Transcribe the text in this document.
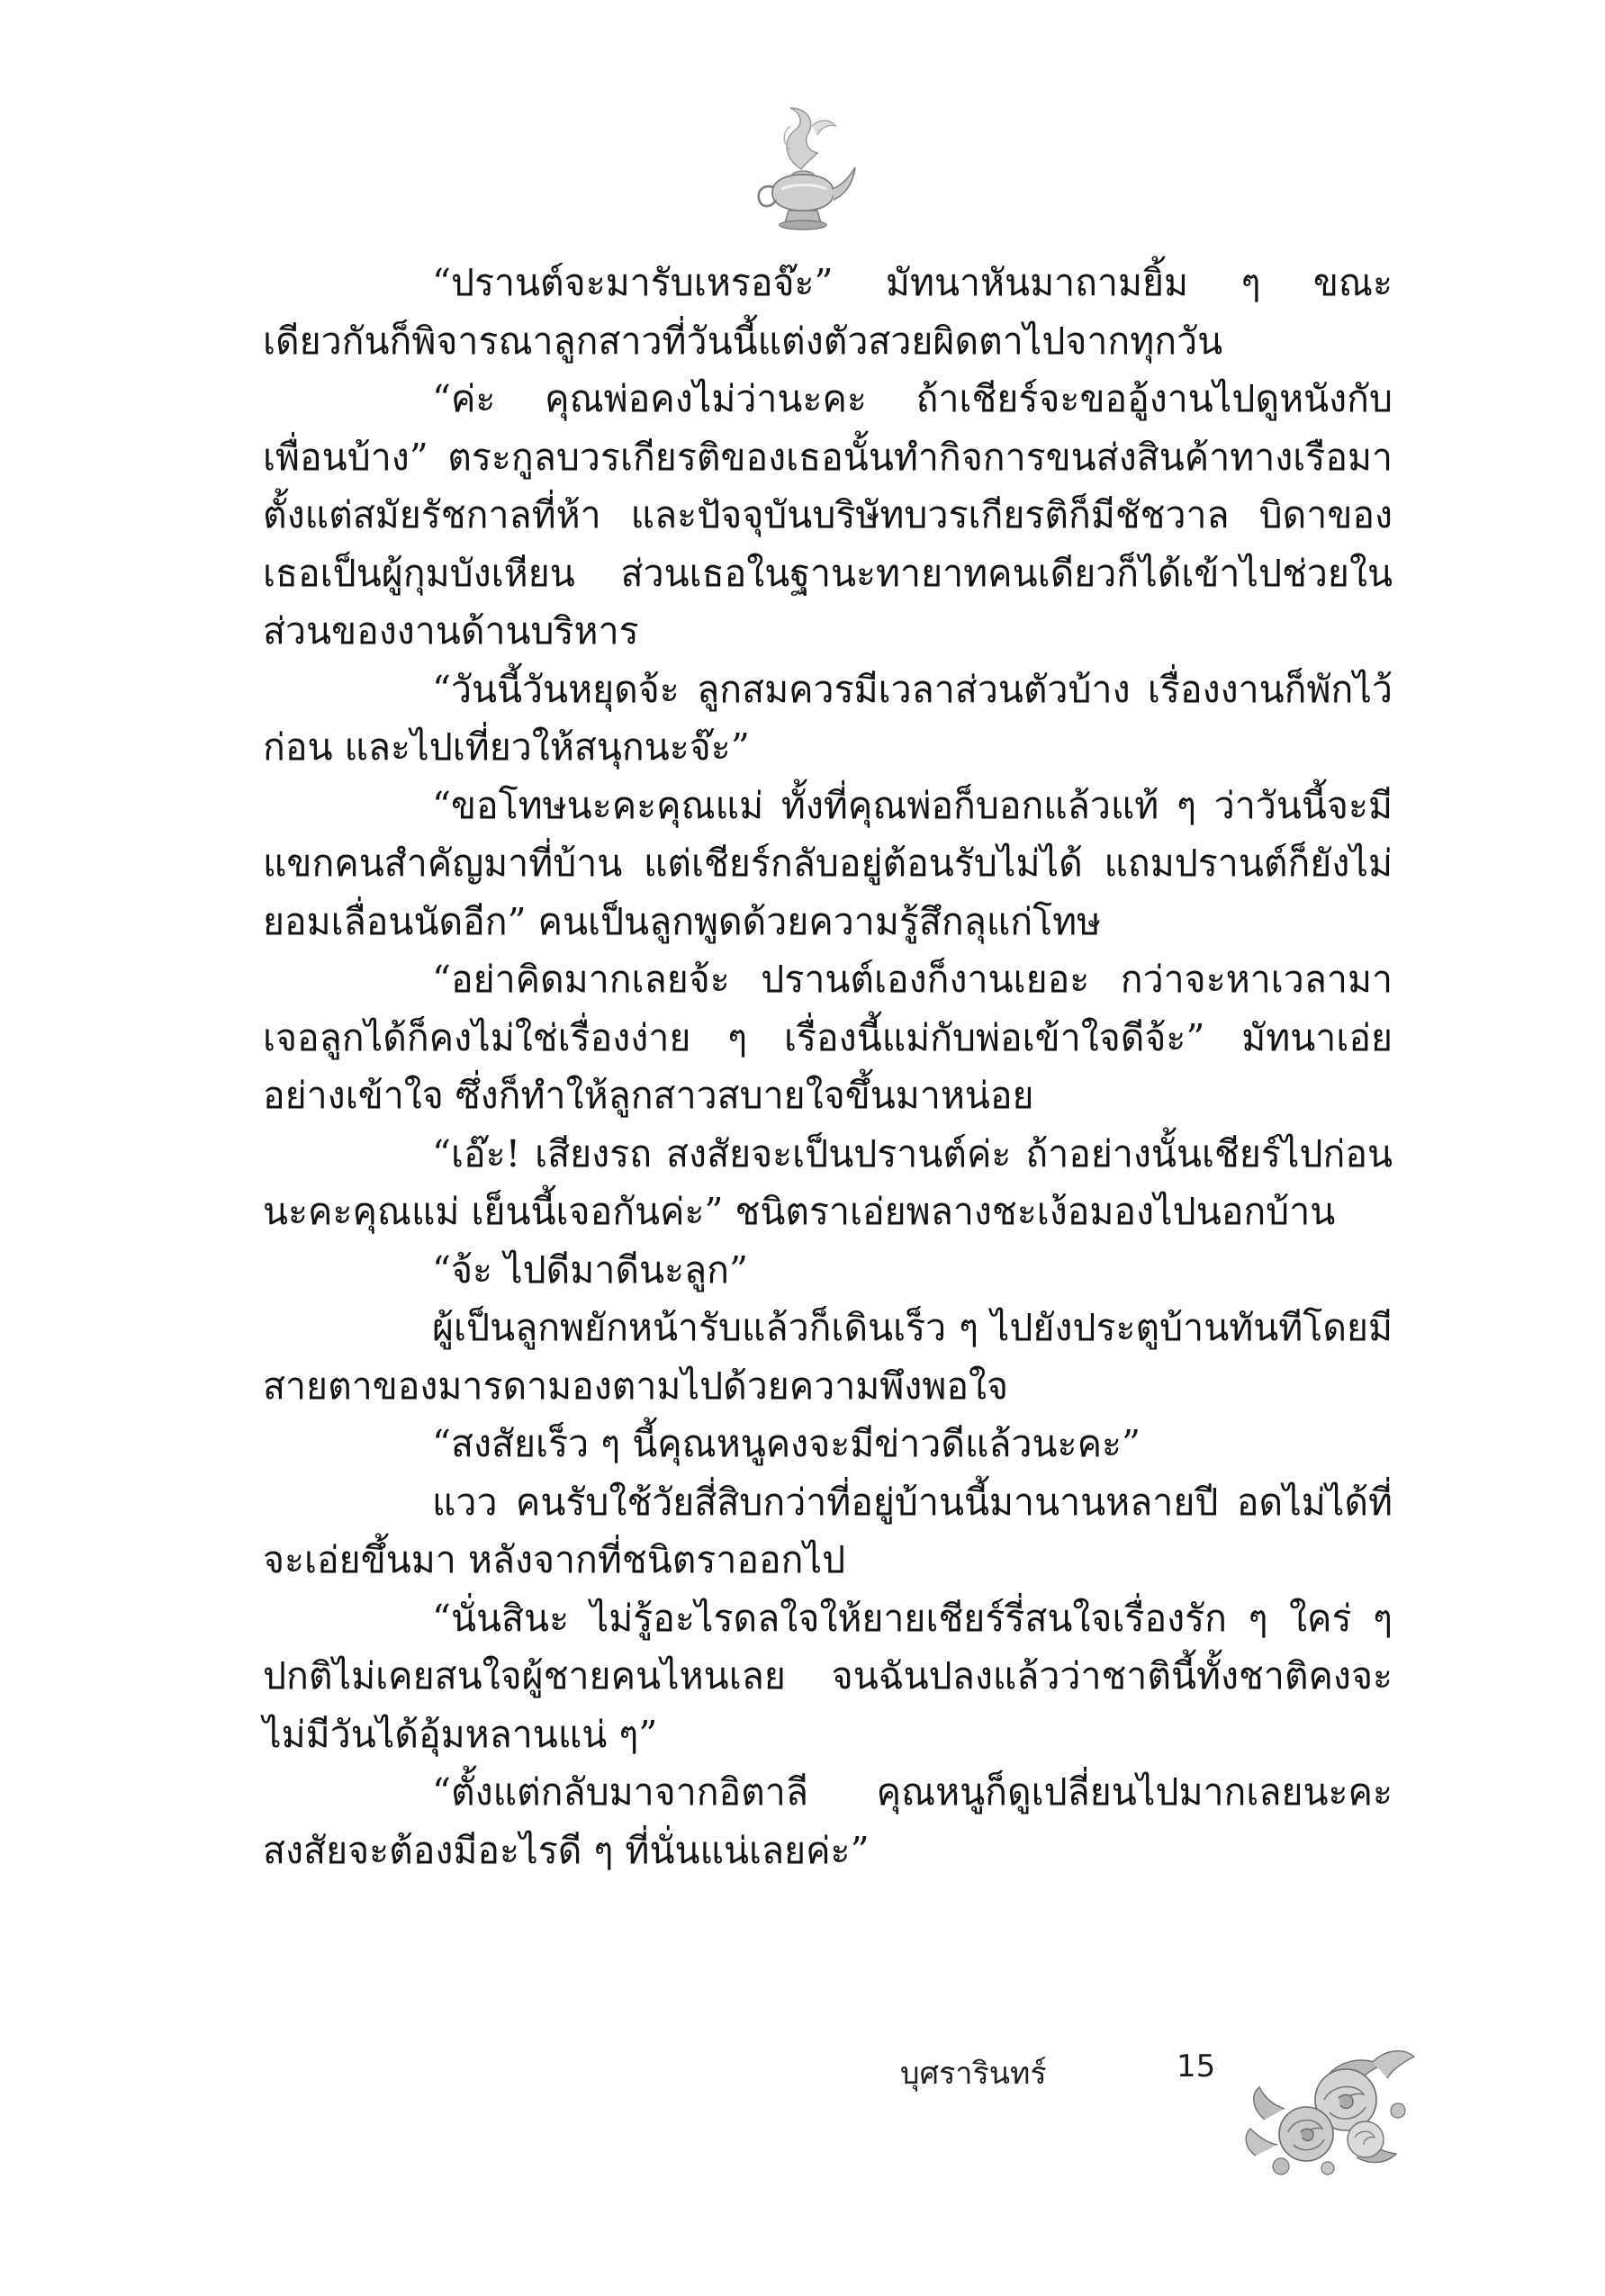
“ปรานต์จะมารับเหรอจ๊ะ” มัทนาหันมาถามยิ้ม ๆ ขณะเดียวกันก็พิจารณาลูกสาวที่วันนี้แต่งตัวสวยผิดตาไปจากทุกวัน

“ค่ะ คุณพ่อคงไม่ว่านะคะ ถ้าเชียร์จะขออู้งานไปดูหนังกับเพื่อนบ้าง” ตระกูลบวรเกียรติของเธอนั้นทำกิจการขนส่งสินค้าทางเรือมาตั้งแต่สมัยรัชกาลที่ห้า และปัจจุบันบริษัทบวรเกียรติก็มีชัชวาล บิดาของเธอเป็นผู้กุมบังเหียน ส่วนเธอในฐานะทายาทคนเดียวก็ได้เข้าไปช่วยในส่วนของงานด้านบริหาร

“วันนี้วันหยุดจ้ะ ลูกสมควรมีเวลาส่วนตัวบ้าง เรื่องงานก็พักไว้ก่อน และไปเที่ยวให้สนุกนะจ๊ะ”

“ขอโทษนะคะคุณแม่ ทั้งที่คุณพ่อก็บอกแล้วแท้ ๆ ว่าวันนี้จะมีแขกคนสำคัญมาที่บ้าน แต่เชียร์กลับอยู่ต้อนรับไม่ได้ แถมปรานต์ก็ยังไม่ยอมเลื่อนนัดอีก” คนเป็นลูกพูดด้วยความรู้สึกลุแก่โทษ

“อย่าคิดมากเลยจ้ะ ปรานต์เองก็งานเยอะ กว่าจะหาเวลามาเจอลูกได้ก็คงไม่ใช่เรื่องง่าย ๆ เรื่องนี้แม่กับพ่อเข้าใจดีจ้ะ” มัทนาเอ่ยอย่างเข้าใจ ซึ่งก็ทำให้ลูกสาวสบายใจขึ้นมาหน่อย

“เอ๊ะ! เสียงรถ สงสัยจะเป็นปรานต์ค่ะ ถ้าอย่างนั้นเชียร์ไปก่อนนะคะคุณแม่ เย็นนี้เจอกันค่ะ” ชนิตราเอ่ยพลางชะเง้อมองไปนอกบ้าน

“จ้ะ ไปดีมาดีนะลูก”

ผู้เป็นลูกพยักหน้ารับแล้วก็เดินเร็ว ๆ ไปยังประตูบ้านทันทีโดยมีสายตาของมารดามองตามไปด้วยความพึงพอใจ

“สงสัยเร็ว ๆ นี้คุณหนูคงจะมีข่าวดีแล้วนะคะ”

แวว คนรับใช้วัยสี่สิบกว่าที่อยู่บ้านนี้มานานหลายปี อดไม่ได้ที่จะเอ่ยขึ้นมา หลังจากที่ชนิตราออกไป

“นั่นสินะ ไม่รู้อะไรดลใจให้ยายเชียร์รี่สนใจเรื่องรัก ๆ ใคร่ ๆ ปกติไม่เคยสนใจผู้ชายคนไหนเลย จนฉันปลงแล้วว่าชาตินี้ทั้งชาติคงจะไม่มีวันได้อุ้มหลานแน่ ๆ”

“ตั้งแต่กลับมาจากอิตาลี คุณหนูก็ดูเปลี่ยนไปมากเลยนะคะ สงสัยจะต้องมีอะไรดี ๆ ที่นั่นแน่เลยค่ะ”

บุศรารินทร์	15
